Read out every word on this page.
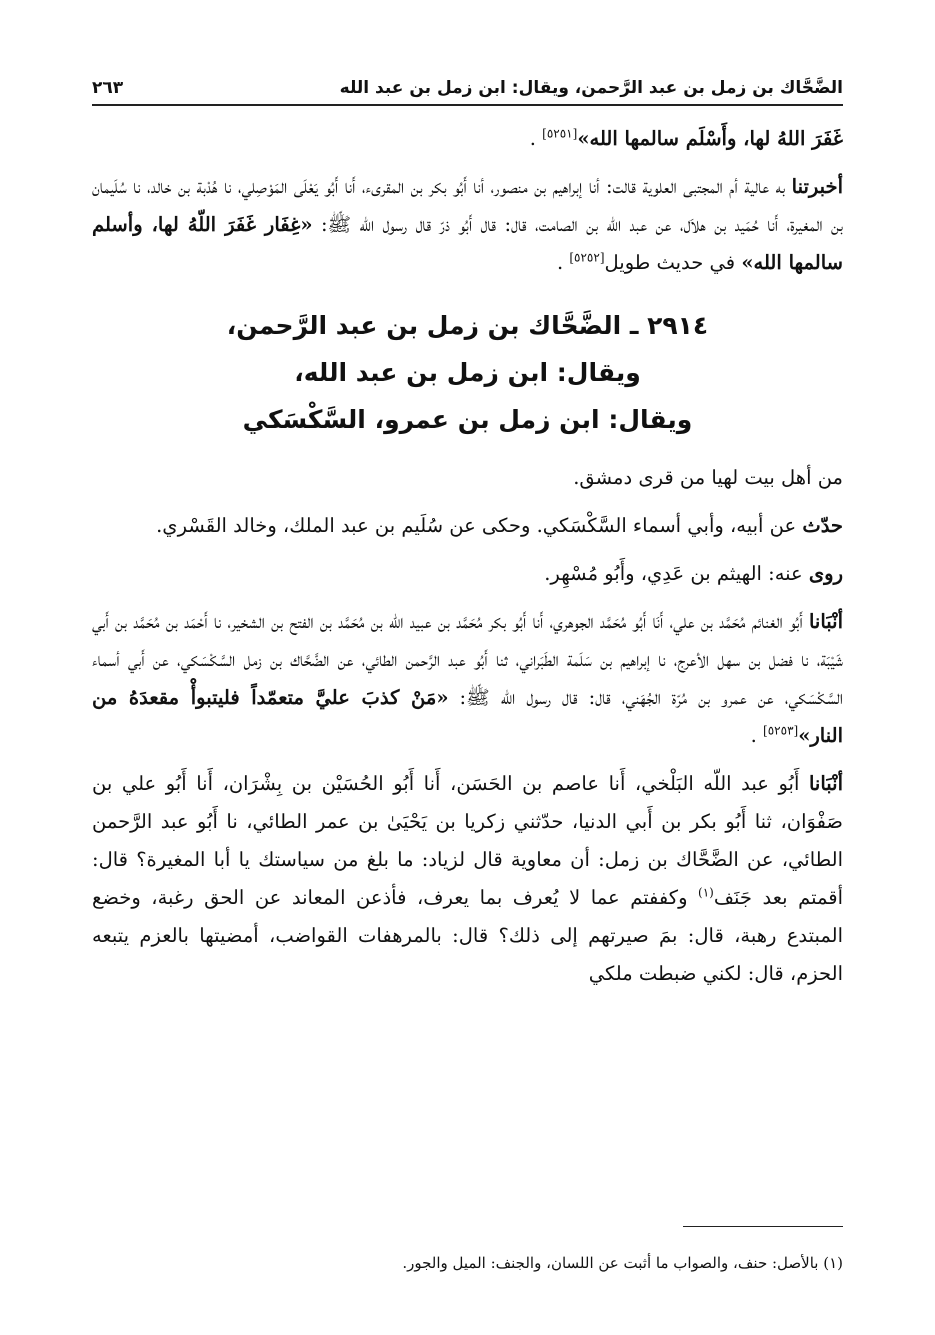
الضَّحَّاك بن زمل بن عبد الرَّحمن، ويقال: ابن زمل بن عبد الله
٢٦٣

غَفَرَ اللهُ لها، وأَسْلَم سالمها الله»[٥٢٥١] .

أخبرتنا به عالية أم المجتبى العلوية قالت: أنا إبراهيم بن منصور، أنا أَبُو بكر بن المقرىء، أَنا أَبُو يَعْلَى المَوْصِلي، نا هُدْبة بن خالد، نا سُلَيمان بن المغيرة، أَنا حُمَيد بن هلاَل، عن عبد اللّه بن الصامت، قال: قال أَبُو ذرّ قال رسول الله ﷺ: «غِفَار غَفَرَ اللّهُ لها، وأسلم سالمها الله» في حديث طويل[٥٢٥٢] .

٢٩١٤ ـ الضَّحَّاك بن زمل بن عبد الرَّحمن،
ويقال: ابن زمل بن عبد الله،
ويقال: ابن زمل بن عمرو، السَّكْسَكي

من أهل بيت لهيا من قرى دمشق.

حدّث عن أبيه، وأبي أسماء السَّكْسَكي. وحكى عن سُلَيم بن عبد الملك، وخالد القَسْري.

روى عنه: الهيثم بن عَدِي، وأَبُو مُسْهِر.

أنْبَانا أَبُو الغنائم مُحَمَّد بن علي، أَنَا أَبُو مُحَمَّد الجوهري، أَنا أَبُو بكر مُحَمَّد بن عبيد اللّه بن مُحَمَّد بن الفتح بن الشخير، نا أَحْمَد بن مُحَمَّد بن أَبي شَيْبَة، نا فضل بن سهل الأعرج، نا إبراهيم بن سَلَمة الطَبَراني، ثنا أَبُو عبد الرَّحمن الطائي، عن الضَّحَّاك بن زمل السَّكْسَكي، عن أَبي أسماء السَّكْسَكي، عن عمرو بن مُرّة الجُهَني، قال: قال رسول الله ﷺ: «مَنْ كذبَ عليَّ متعمّداً فليتبوأْ مقعدَهُ من النار»[٥٢٥٣] .

أنْبَانا أَبُو عبد اللّه البَلْخي، أَنا عاصم بن الحَسَن، أَنا أَبُو الحُسَيْن بن بِشْرَان، أَنا أَبُو علي بن صَفْوَان، ثنا أَبُو بكر بن أَبي الدنيا، حدّثني زكريا بن يَحْيَىٰ بن عمر الطائي، نا أَبُو عبد الرَّحمن الطائي، عن الضَّحَّاك بن زمل: أن معاوية قال لزياد: ما بلغ من سياستك يا أبا المغيرة؟ قال: أقمتم بعد جَنَف$^{(١)}$ وكففتم عما لا يُعرف بما يعرف، فأذعن المعاند عن الحق رغبة، وخضع المبتدع رهبة، قال: بمَ صيرتهم إلى ذلك؟ قال: بالمرهفات القواضب، أمضيتها بالعزم يتبعه الحزم، قال: لكني ضبطت ملكي

(١) بالأصل: حنف، والصواب ما أثبت عن اللسان، والجنف: الميل والجور.
